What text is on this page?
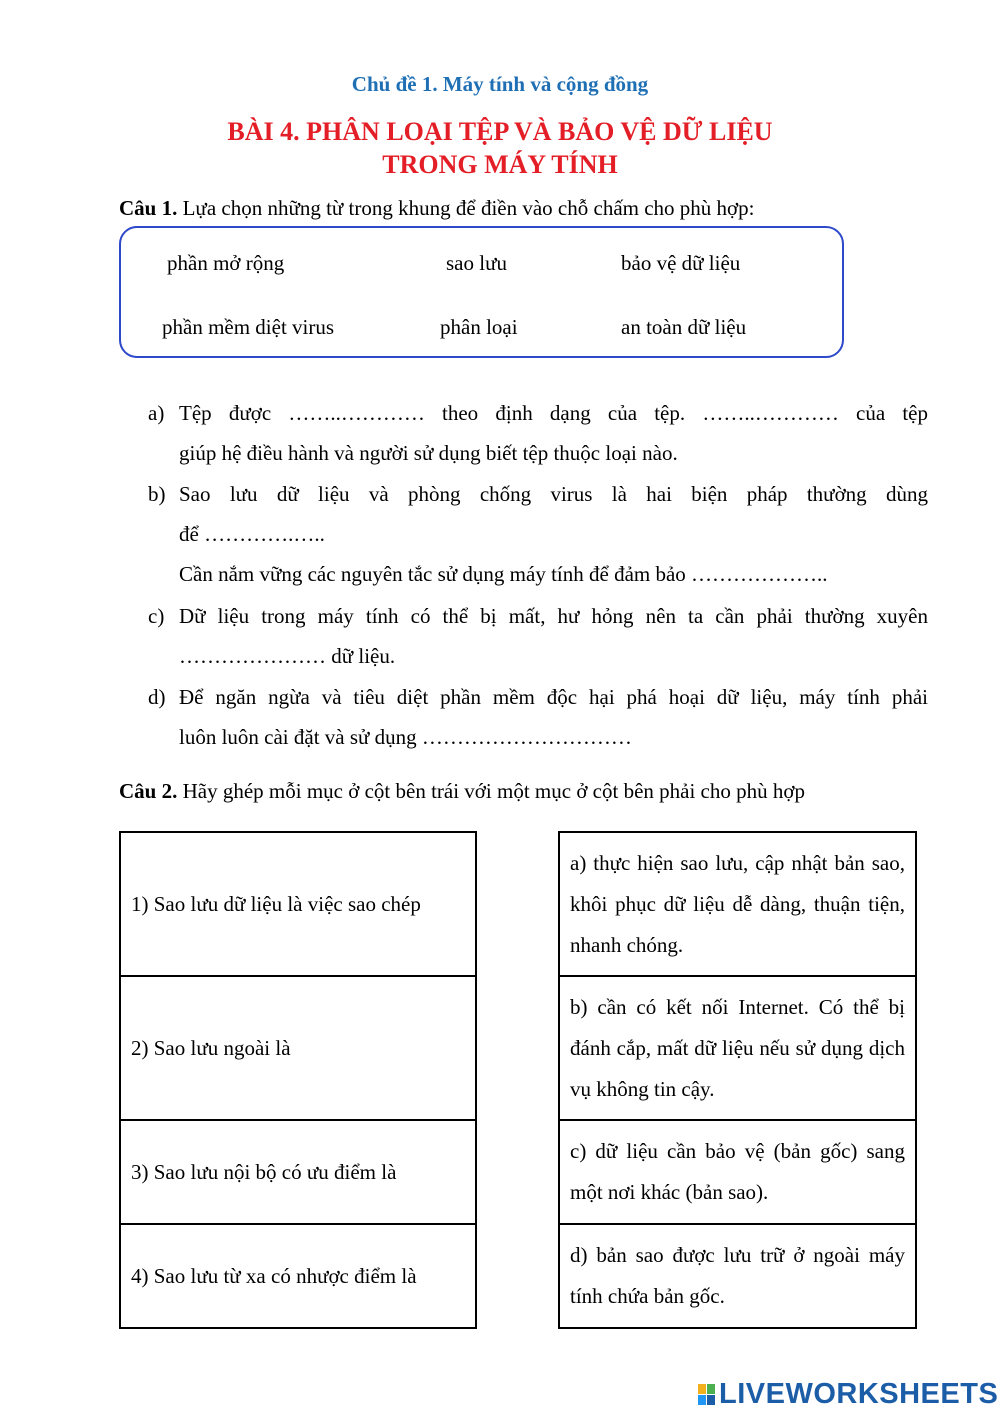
Chủ đề 1. Máy tính và cộng đồng
BÀI 4. PHÂN LOẠI TỆP VÀ BẢO VỆ DỮ LIỆU
TRONG MÁY TÍNH
Câu 1. Lựa chọn những từ trong khung để điền vào chỗ chấm cho phù hợp:
phần mở rộng	sao lưu	bảo vệ dữ liệu
phần mềm diệt virus	phân loại	an toàn dữ liệu
a) Tệp được ……..………… theo định dạng của tệp. ……..………… của tệp
giúp hệ điều hành và người sử dụng biết tệp thuộc loại nào.
b) Sao lưu dữ liệu và phòng chống virus là hai biện pháp thường dùng
để ………….…..
Cần nắm vững các nguyên tắc sử dụng máy tính để đảm bảo ………………..
c) Dữ liệu trong máy tính có thể bị mất, hư hỏng nên ta cần phải thường xuyên
………………… dữ liệu.
d) Để ngăn ngừa và tiêu diệt phần mềm độc hại phá hoại dữ liệu, máy tính phải
luôn luôn cài đặt và sử dụng …………………………
Câu 2. Hãy ghép mỗi mục ở cột bên trái với một mục ở cột bên phải cho phù hợp
1) Sao lưu dữ liệu là việc sao chép
2) Sao lưu ngoài là
3) Sao lưu nội bộ có ưu điểm là
4) Sao lưu từ xa có nhược điểm là
a) thực hiện sao lưu, cập nhật bản sao, khôi phục dữ liệu dễ dàng, thuận tiện, nhanh chóng.
b) cần có kết nối Internet. Có thể bị đánh cắp, mất dữ liệu nếu sử dụng dịch vụ không tin cậy.
c) dữ liệu cần bảo vệ (bản gốc) sang một nơi khác (bản sao).
d) bản sao được lưu trữ ở ngoài máy tính chứa bản gốc.
LIVEWORKSHEETS
